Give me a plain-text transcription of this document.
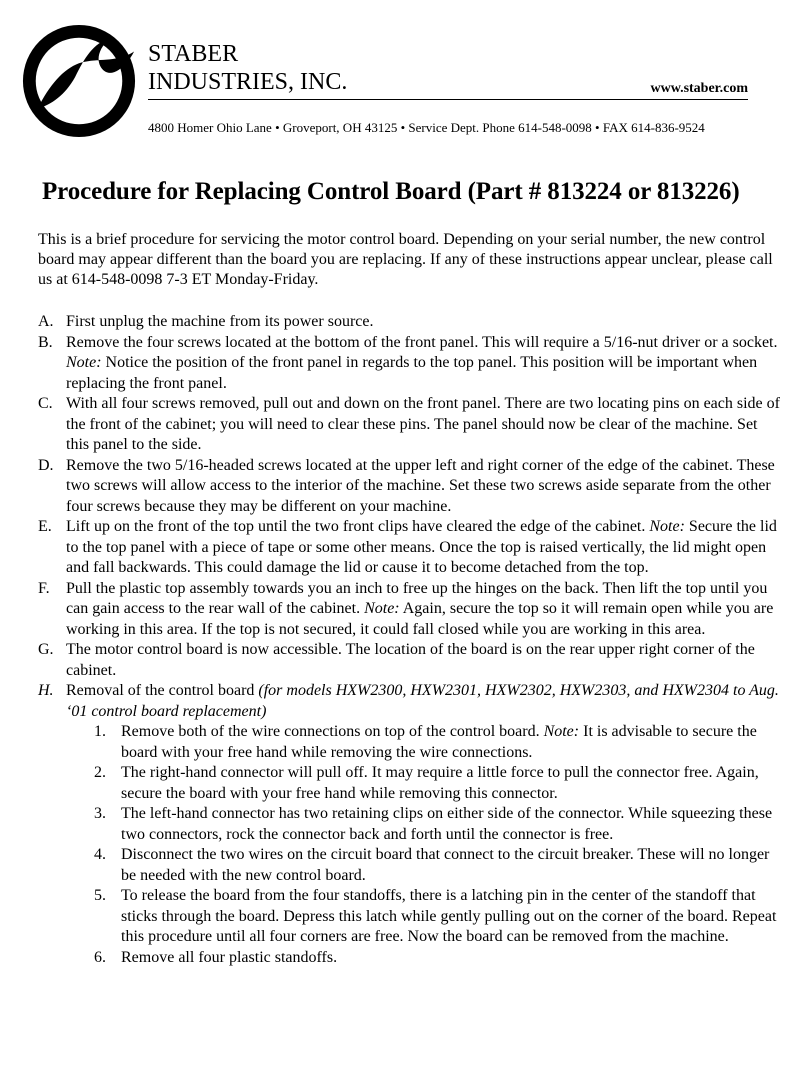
STABER
INDUSTRIES, INC.	www.staber.com
4800 Homer Ohio Lane • Groveport, OH 43125 • Service Dept. Phone 614-548-0098 • FAX 614-836-9524
Procedure for Replacing Control Board (Part # 813224 or 813226)
This is a brief procedure for servicing the motor control board. Depending on your serial number, the new control board may appear different than the board you are replacing. If any of these instructions appear unclear, please call us at 614-548-0098 7-3 ET Monday-Friday.
A. First unplug the machine from its power source.
B. Remove the four screws located at the bottom of the front panel. This will require a 5/16-nut driver or a socket. Note: Notice the position of the front panel in regards to the top panel. This position will be important when replacing the front panel.
C. With all four screws removed, pull out and down on the front panel. There are two locating pins on each side of the front of the cabinet; you will need to clear these pins. The panel should now be clear of the machine. Set this panel to the side.
D. Remove the two 5/16-headed screws located at the upper left and right corner of the edge of the cabinet. These two screws will allow access to the interior of the machine. Set these two screws aside separate from the other four screws because they may be different on your machine.
E. Lift up on the front of the top until the two front clips have cleared the edge of the cabinet. Note: Secure the lid to the top panel with a piece of tape or some other means. Once the top is raised vertically, the lid might open and fall backwards. This could damage the lid or cause it to become detached from the top.
F. Pull the plastic top assembly towards you an inch to free up the hinges on the back. Then lift the top until you can gain access to the rear wall of the cabinet. Note: Again, secure the top so it will remain open while you are working in this area. If the top is not secured, it could fall closed while you are working in this area.
G. The motor control board is now accessible. The location of the board is on the rear upper right corner of the cabinet.
H. Removal of the control board (for models HXW2300, HXW2301, HXW2302, HXW2303, and HXW2304 to Aug. ‘01 control board replacement)
1. Remove both of the wire connections on top of the control board. Note: It is advisable to secure the board with your free hand while removing the wire connections.
2. The right-hand connector will pull off. It may require a little force to pull the connector free. Again, secure the board with your free hand while removing this connector.
3. The left-hand connector has two retaining clips on either side of the connector. While squeezing these two connectors, rock the connector back and forth until the connector is free.
4. Disconnect the two wires on the circuit board that connect to the circuit breaker. These will no longer be needed with the new control board.
5. To release the board from the four standoffs, there is a latching pin in the center of the standoff that sticks through the board. Depress this latch while gently pulling out on the corner of the board. Repeat this procedure until all four corners are free. Now the board can be removed from the machine.
6. Remove all four plastic standoffs.
